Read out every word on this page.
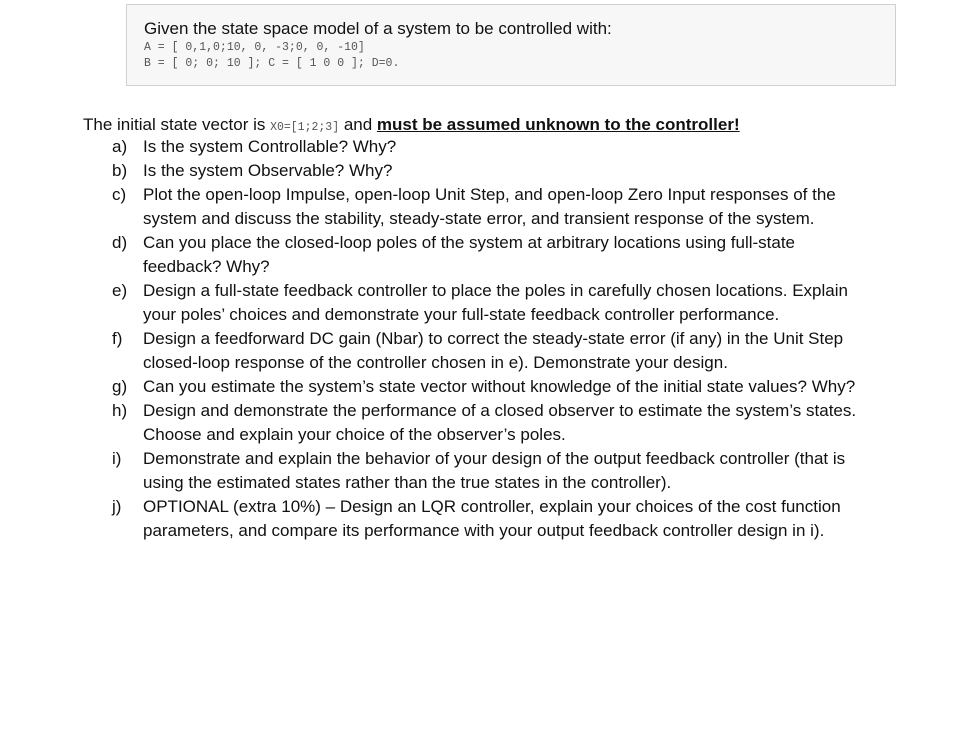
Given the state space model of a system to be controlled with:

A = [ 0,1,0;10, 0, -3;0, 0, -10]

B = [ 0; 0; 10 ]; C = [ 1 0 0 ]; D=0.

The initial state vector is X0=[1;2;3] and must be assumed unknown to the controller!
a) Is the system Controllable? Why?
b) Is the system Observable? Why?
c) Plot the open-loop Impulse, open-loop Unit Step, and open-loop Zero Input responses of the system and discuss the stability, steady-state error, and transient response of the system.
d) Can you place the closed-loop poles of the system at arbitrary locations using full-state feedback? Why?
e) Design a full-state feedback controller to place the poles in carefully chosen locations. Explain your poles’ choices and demonstrate your full-state feedback controller performance.
f) Design a feedforward DC gain (Nbar) to correct the steady-state error (if any) in the Unit Step closed-loop response of the controller chosen in e). Demonstrate your design.
g) Can you estimate the system’s state vector without knowledge of the initial state values? Why?
h) Design and demonstrate the performance of a closed observer to estimate the system’s states. Choose and explain your choice of the observer’s poles.
i) Demonstrate and explain the behavior of your design of the output feedback controller (that is using the estimated states rather than the true states in the controller).
j) OPTIONAL (extra 10%) – Design an LQR controller, explain your choices of the cost function parameters, and compare its performance with your output feedback controller design in i).
